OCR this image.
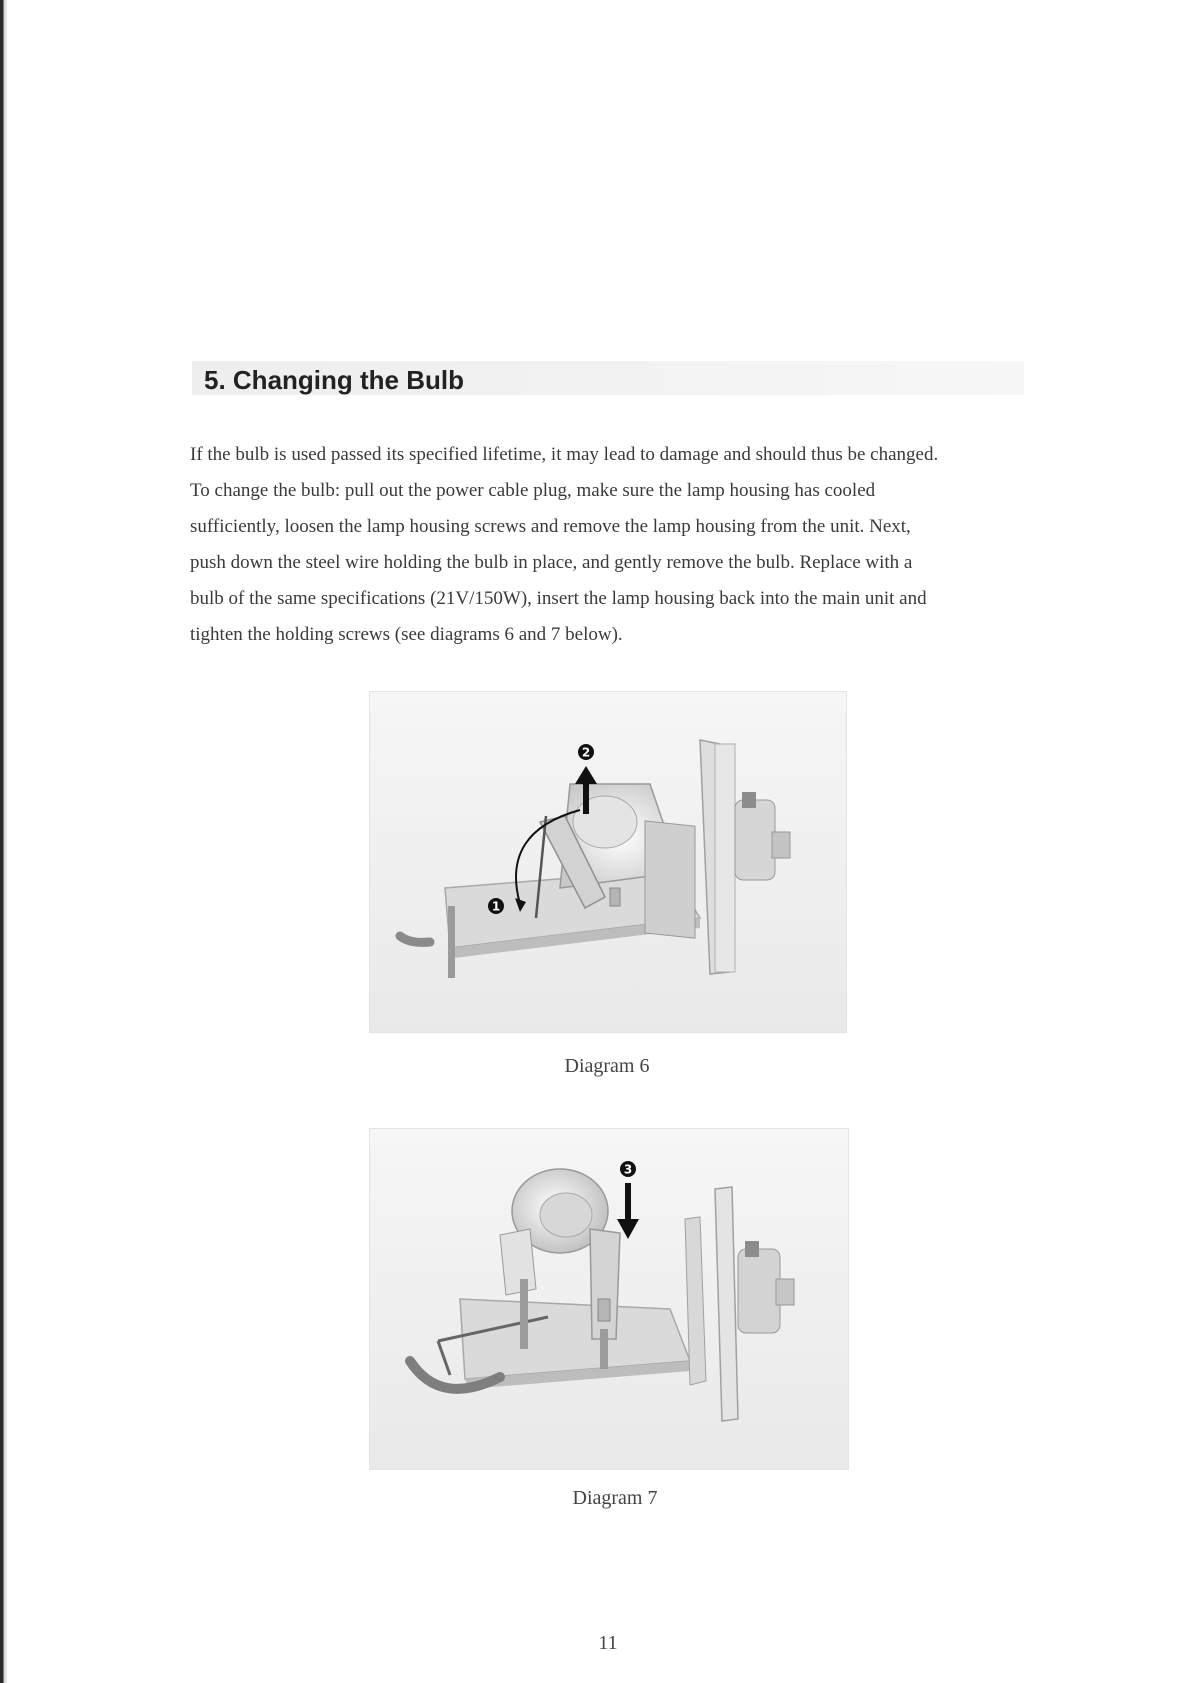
5. Changing the Bulb
If the bulb is used passed its specified lifetime, it may lead to damage and should thus be changed.
To change the bulb: pull out the power cable plug, make sure the lamp housing has cooled
sufficiently, loosen the lamp housing screws and remove the lamp housing from the unit. Next,
push down the steel wire holding the bulb in place, and gently remove the bulb. Replace with a
bulb of the same specifications (21V/150W), insert the lamp housing back into the main unit and
tighten the holding screws (see diagrams 6 and 7 below).
2
1
Diagram 6
3
Diagram 7
11
